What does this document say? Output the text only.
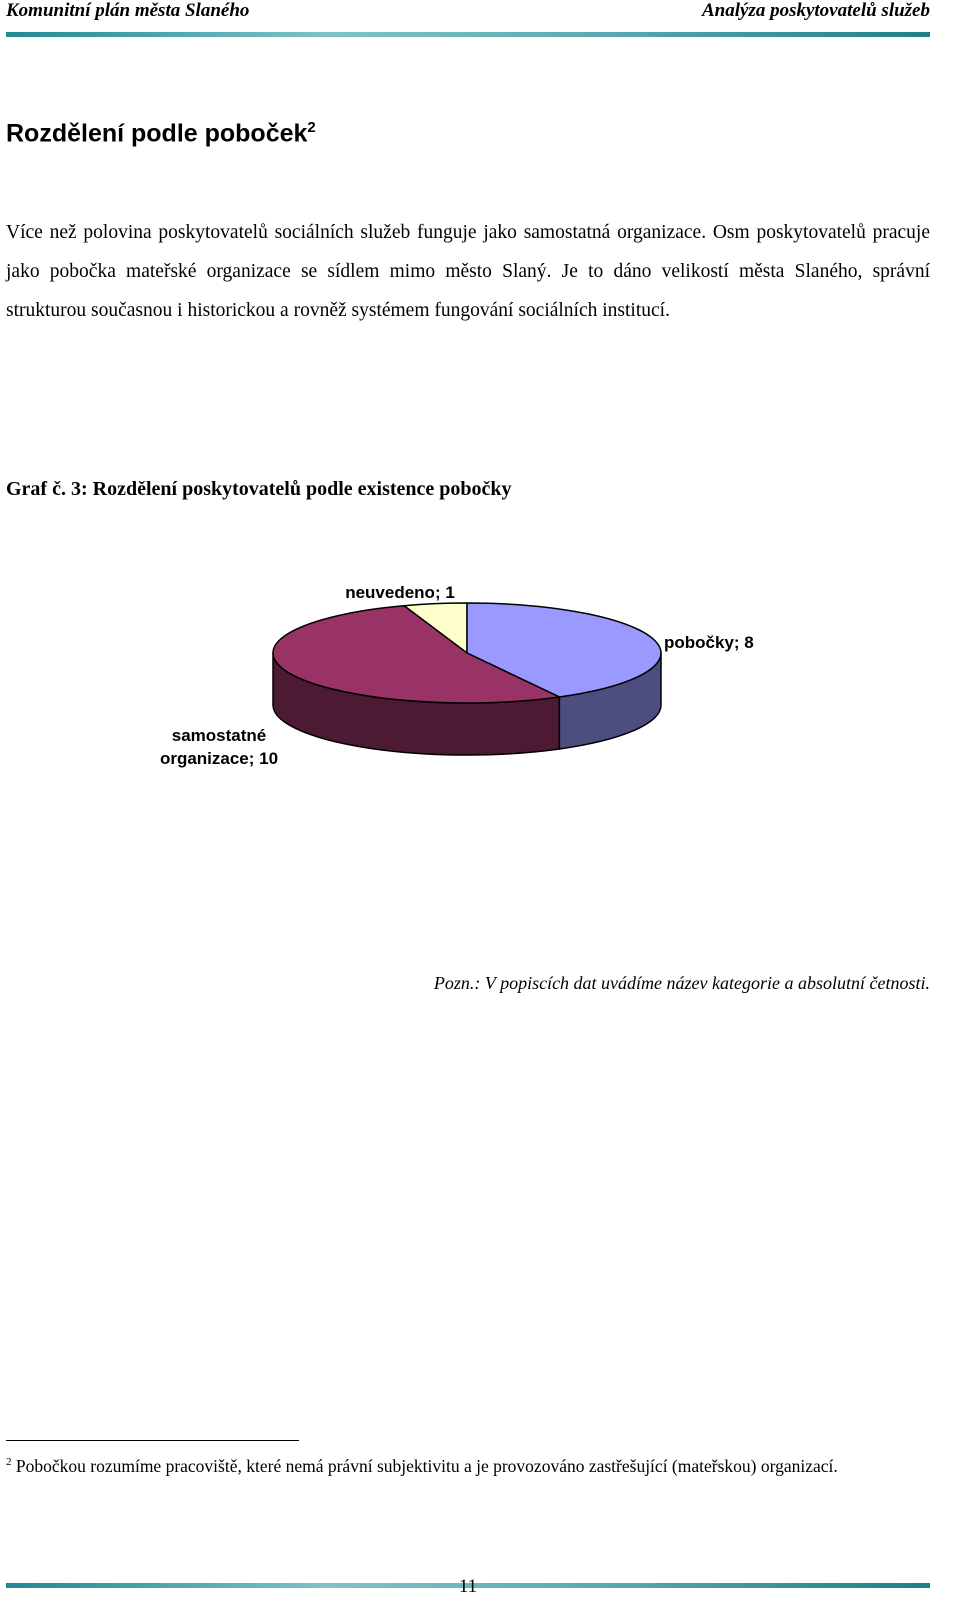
Komunitní plán města Slaného	Analýza poskytovatelů služeb
Rozdělení podle poboček$^2$
Více než polovina poskytovatelů sociálních služeb funguje jako samostatná organizace. Osm poskytovatelů pracuje jako pobočka mateřské organizace se sídlem mimo město Slaný. Je to dáno velikostí města Slaného, správní strukturou současnou i historickou a rovněž systémem fungování sociálních institucí.
Graf č. 3: Rozdělení poskytovatelů podle existence pobočky
neuvedeno; 1
pobočky; 8
samostatné
organizace; 10
Pozn.: V popiscích dat uvádíme název kategorie a absolutní četnosti.
$^2$ Pobočkou rozumíme pracoviště, které nemá právní subjektivitu a je provozováno zastřešující (mateřskou) organizací.
11
